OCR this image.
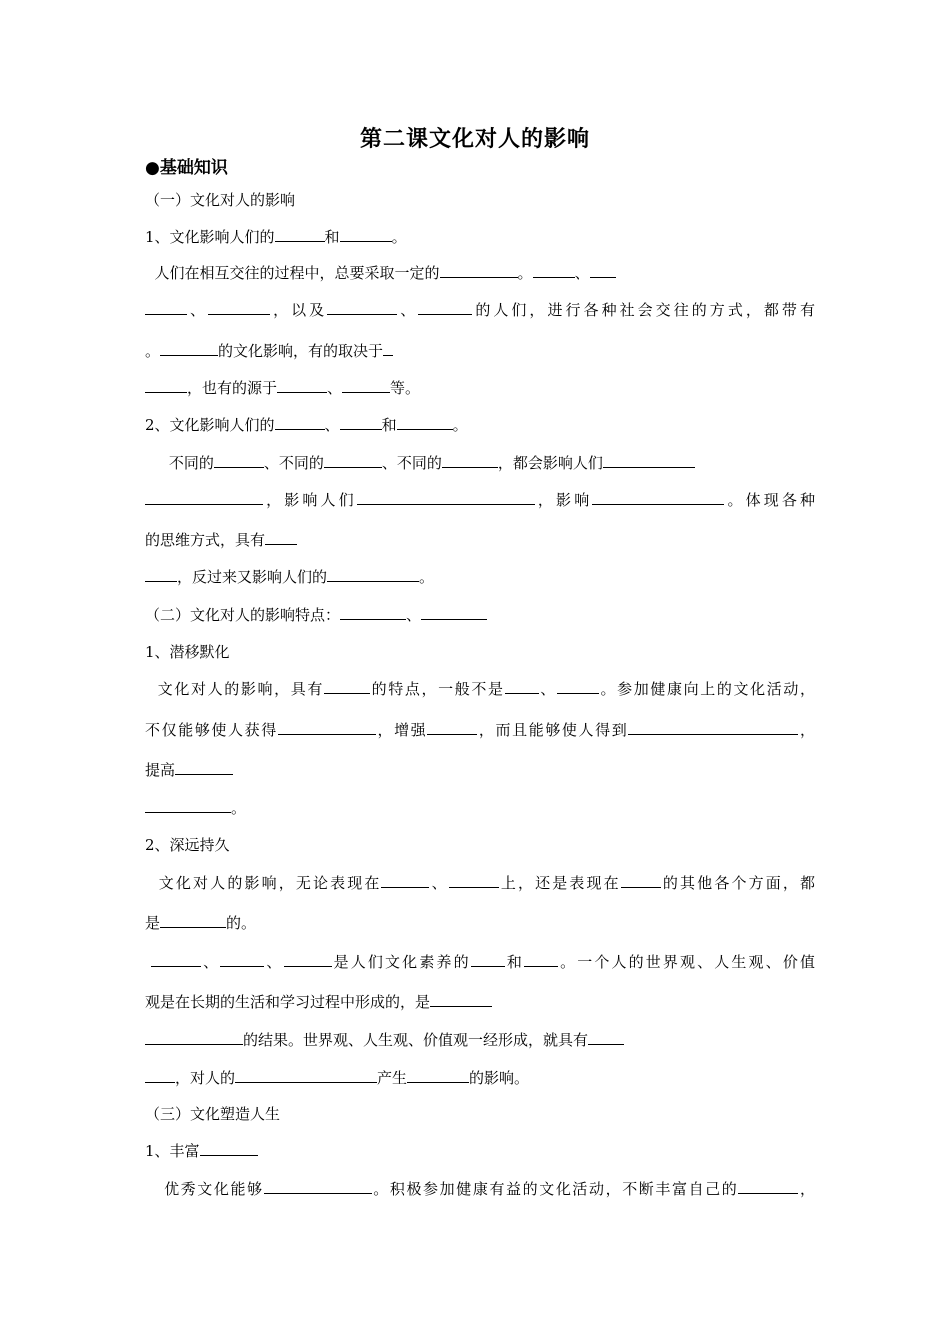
第二课文化对人的影响
●基础知识
（一）文化对人的影响
1、文化影响人们的	和	。
人们在相互交往的过程中，总要采取一定的	。	、
、	，以及	、	的人们，进行各种社会交往的方式，都带有
。	的文化影响，有的取决于
，也有的源于	、	等。
2、文化影响人们的	、	和	。
不同的	、不同的	、不同的	，都会影响人们
，影响人们	，影响	。体现各种
的思维方式，具有
，反过来又影响人们的	。
（二）文化对人的影响特点：	、
1、潜移默化
文化对人的影响，具有	的特点，一般不是 、	。参加健康向上的文化活动，
不仅能够使人获得	，增强	，而且能够使人得到	，
提高
。
2、深远持久
文化对人的影响，无论表现在	、	上，还是表现在	的其他各个方面，都
是	的。
、	、	是人们文化素养的 和 。一个人的世界观、人生观、价值
观是在长期的生活和学习过程中形成的，是
的结果。世界观、人生观、价值观一经形成，就具有
，对人的	产生	的影响。
（三）文化塑造人生
1、丰富
优秀文化能够	。积极参加健康有益的文化活动，不断丰富自己的	，
